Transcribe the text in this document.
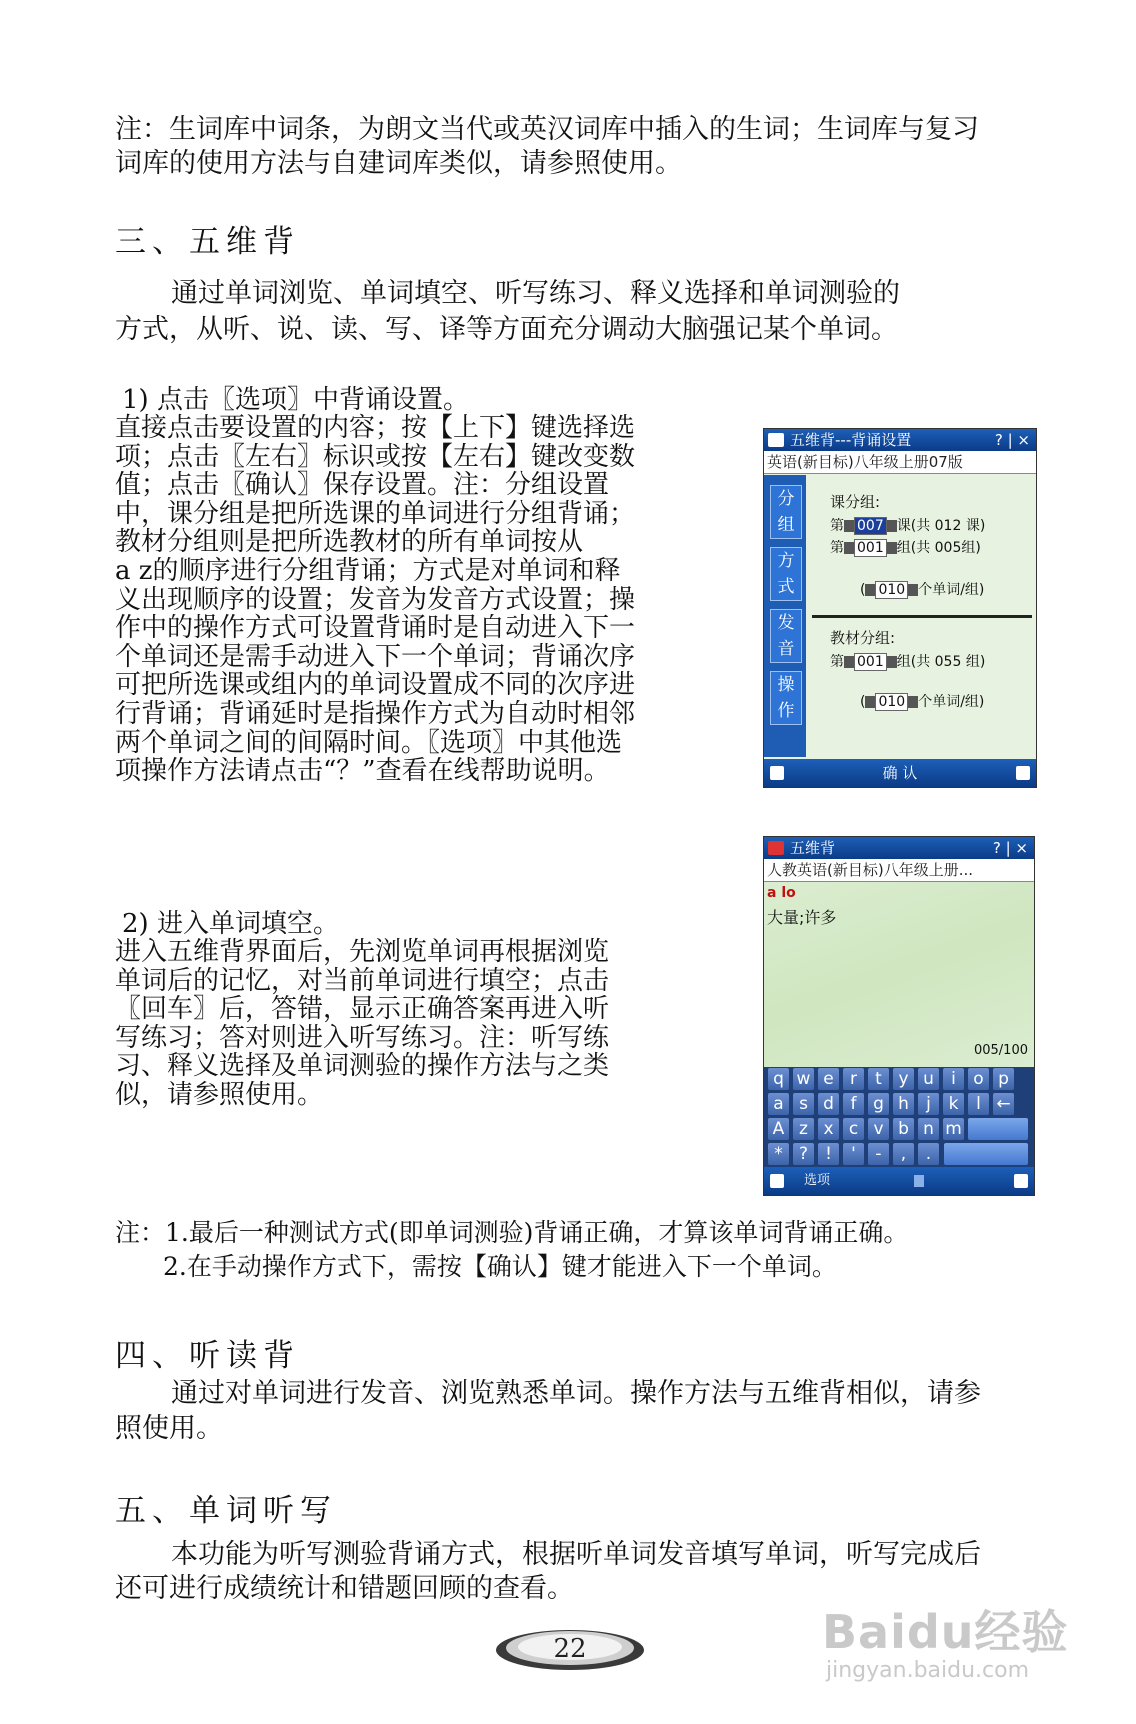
注：生词库中词条，为朗文当代或英汉词库中插入的生词；生词库与复习
词库的使用方法与自建词库类似，请参照使用。
三、五维背
通过单词浏览、单词填空、听写练习、释义选择和单词测验的
方式，从听、说、读、写、译等方面充分调动大脑强记某个单词。
1) 点击〖选项〗中背诵设置。
直接点击要设置的内容；按【上下】键选择选
项；点击〖左右〗标识或按【左右】键改变数
值；点击〖确认〗保存设置。注：分组设置
中，课分组是把所选课的单词进行分组背诵；
教材分组则是把所选教材的所有单词按从
a z的顺序进行分组背诵；方式是对单词和释
义出现顺序的设置；发音为发音方式设置；操
作中的操作方式可设置背诵时是自动进入下一
个单词还是需手动进入下一个单词；背诵次序
可把所选课或组内的单词设置成不同的次序进
行背诵；背诵延时是指操作方式为自动时相邻
两个单词之间的间隔时间。〖选项〗中其他选
项操作方法请点击“？”查看在线帮助说明。
五维背---背诵设置	? | ×
英语(新目标)八年级上册07版
分
组
方
式
发
音
操
作
课分组:
第 007 课(共 012 课)
第 001 组(共 005组)
( 010 个单词/组)
教材分组:
第 001 组(共 055 组)
( 010 个单词/组)
确 认
2) 进入单词填空。
进入五维背界面后，先浏览单词再根据浏览
单词后的记忆，对当前单词进行填空；点击
〖回车〗后，答错，显示正确答案再进入听
写练习；答对则进入听写练习。注：听写练
习、释义选择及单词测验的操作方法与之类
似，请参照使用。
五维背	? | ×
人教英语(新目标)八年级上册...
a lo
大量;许多
005/100
q w e r	t y u	i	o p
a s d f g h	j	k	l ←
A z x c v b n m
* ?	!	'	-	,	.
选项
注：1.最后一种测试方式(即单词测验)背诵正确，才算该单词背诵正确。
2.在手动操作方式下，需按【确认】键才能进入下一个单词。
四、听读背
通过对单词进行发音、浏览熟悉单词。操作方法与五维背相似，请参
照使用。
五、单词听写
本功能为听写测验背诵方式，根据听单词发音填写单词，听写完成后
还可进行成绩统计和错题回顾的查看。
22	Baidu经验
jingyan.baidu.com
